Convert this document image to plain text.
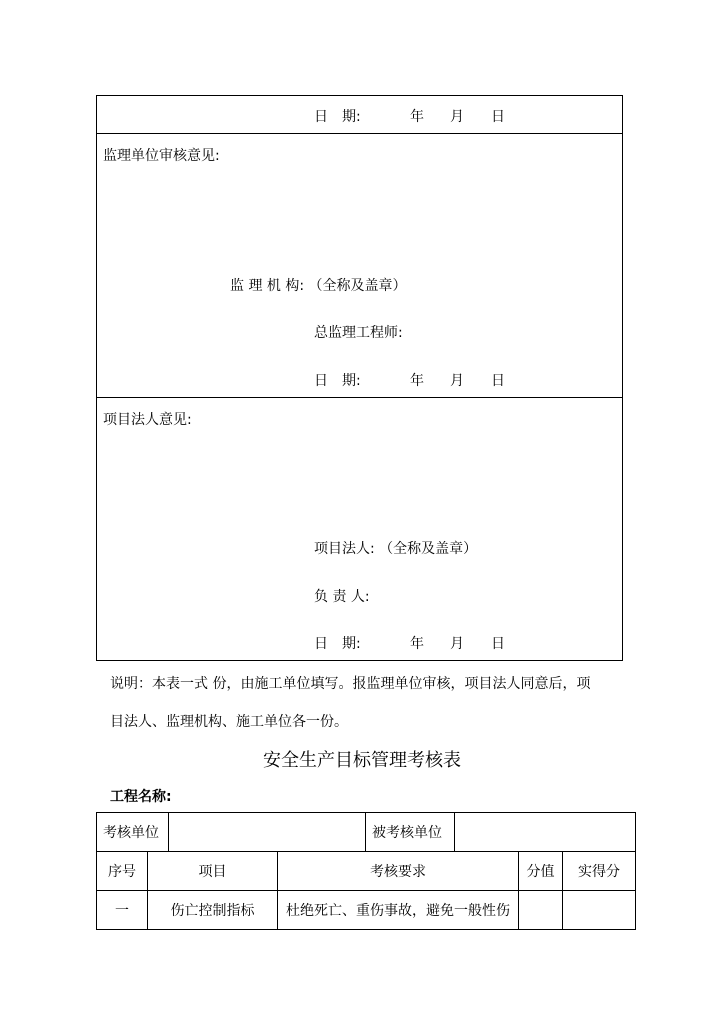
日　期:	年 月 日
监理单位审核意见:
监 理 机 构: （全称及盖章）
总监理工程师:
日　期:	年 月 日
项目法人意见:
项目法人: （全称及盖章）
负 责 人:
日　期:	年 月 日
说明：本表一式 份，由施工单位填写。报监理单位审核，项目法人同意后，项
目法人、监理机构、施工单位各一份。
安全生产目标管理考核表
工程名称:
考核单位	被考核单位
序号	项目	考核要求	分值	实得分
一	伤亡控制指标	杜绝死亡、重伤事故，避免一般性伤
